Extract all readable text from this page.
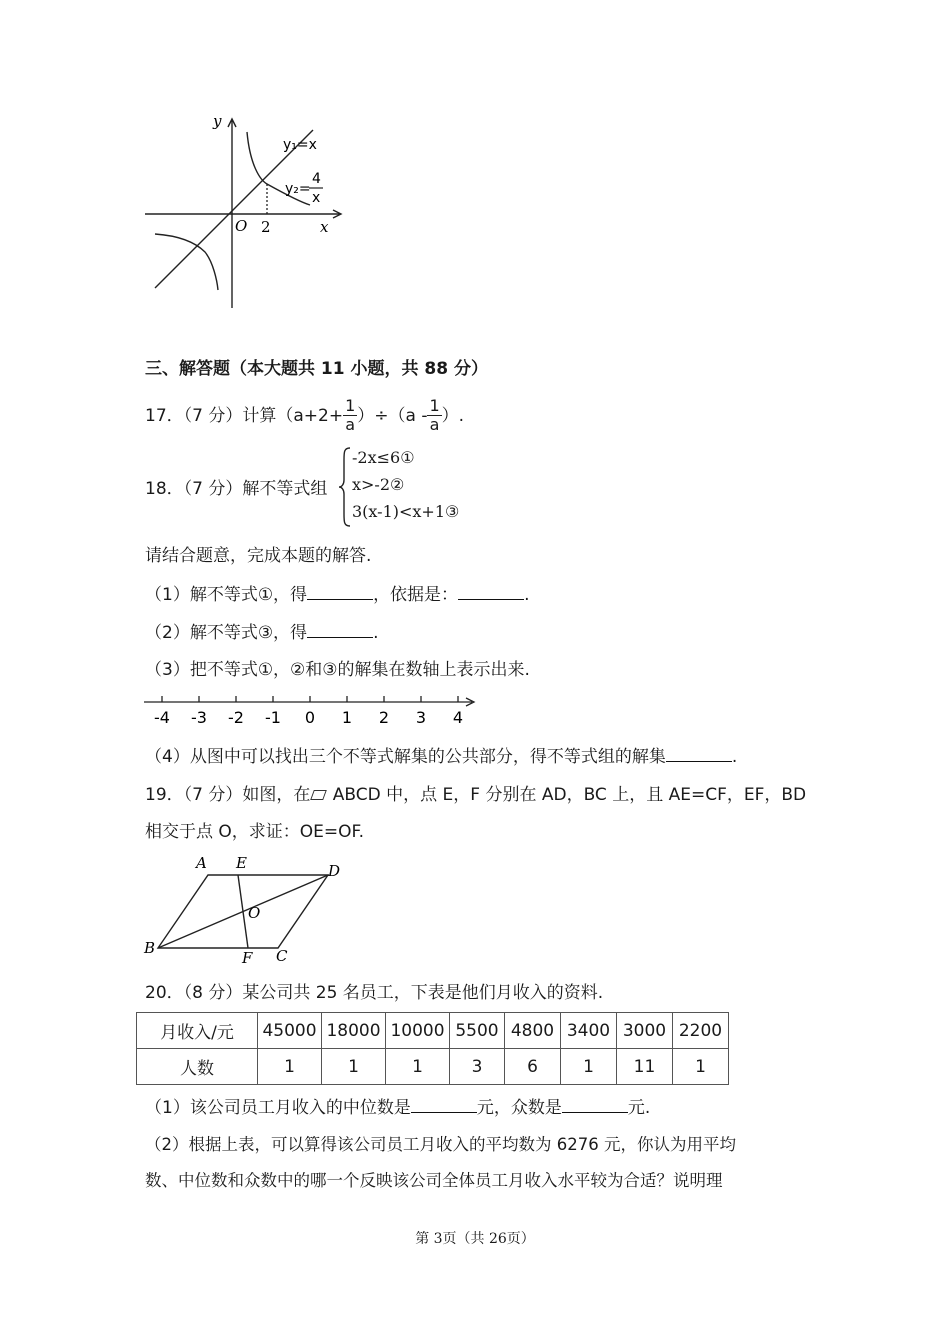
y
x
O 2
y₁=x
y₂=
4
x
三、解答题（本大题共 11 小题，共 88 分）
17．（7 分）计算$(a+2+ \frac{1}{a} )\div(a - \frac{1}{a}$ ）.
18．（7 分）解不等式组
-2x≤6①
x>-2②
3(x-1)<x+1③
请结合题意，完成本题的解答.
（1）解不等式①，得	，依据是：	.
（2）解不等式③，得	.
（3）把不等式①，②和③的解集在数轴上表示出来.
-4 -3 -2 -1 0 1 2 3 4
（4）从图中可以找出三个不等式解集的公共部分，得不等式组的解集	.
19．（7 分）如图，在 ABCD 中，点 E，F 分别在 AD，BC 上，且 AE=CF，EF，BD
相交于点 O，求证：OE=OF.
A E	D
O
B
F C
20．（8 分）某公司共 25 名员工，下表是他们月收入的资料.
月收入/元	45000	18000	10000	5500	4800	3400	3000	2200
人数	1	1	1	3	6	1	11	1
（1）该公司员工月收入的中位数是	元，众数是	元.
（2）根据上表，可以算得该公司员工月收入的平均数为 6276 元，你认为用平均
数、中位数和众数中的哪一个反映该公司全体员工月收入水平较为合适？说明理
第 3页（共 26页）
